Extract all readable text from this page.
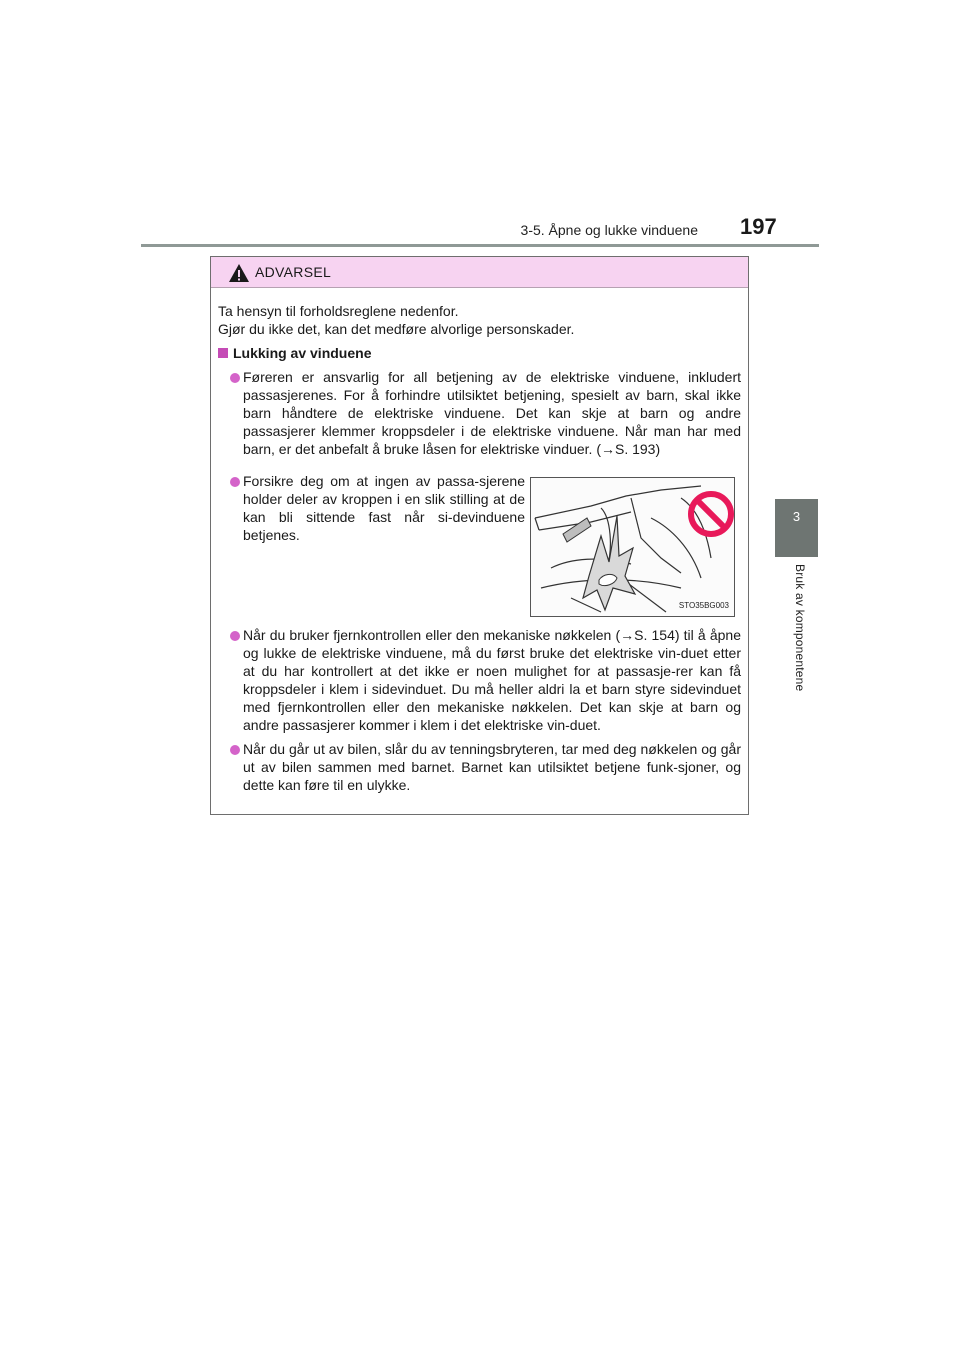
3-5. Åpne og lukke vinduene 197
3
Bruk av komponentene
ADVARSEL

Ta hensyn til forholdsreglene nedenfor.

Gjør du ikke det, kan det medføre alvorlige personskader.

Lukking av vinduene
Føreren er ansvarlig for all betjening av de elektriske vinduene, inkludert passasjerenes. For å forhindre utilsiktet betjening, spesielt av barn, skal ikke barn håndtere de elektriske vinduene. Det kan skje at barn og andre passasjerer klemmer kroppsdeler i de elektriske vinduene. Når man har med barn, er det anbefalt å bruke låsen for elektriske vinduer. (→S. 193)
Forsikre deg om at ingen av passa-sjerene holder deler av kroppen i en slik stilling at de kan bli sittende fast når si-devinduene betjenes.
STO35BG003
Når du bruker fjernkontrollen eller den mekaniske nøkkelen (→S. 154) til å åpne og lukke de elektriske vinduene, må du først bruke det elektriske vin-duet etter at du har kontrollert at det ikke er noen mulighet for at passasje-rer kan få kroppsdeler i klem i sidevinduet. Du må heller aldri la et barn styre sidevinduet med fjernkontrollen eller den mekaniske nøkkelen. Det kan skje at barn og andre passasjerer kommer i klem i det elektriske vin-duet.
Når du går ut av bilen, slår du av tenningsbryteren, tar med deg nøkkelen og går ut av bilen sammen med barnet. Barnet kan utilsiktet betjene funk-sjoner, og dette kan føre til en ulykke.
